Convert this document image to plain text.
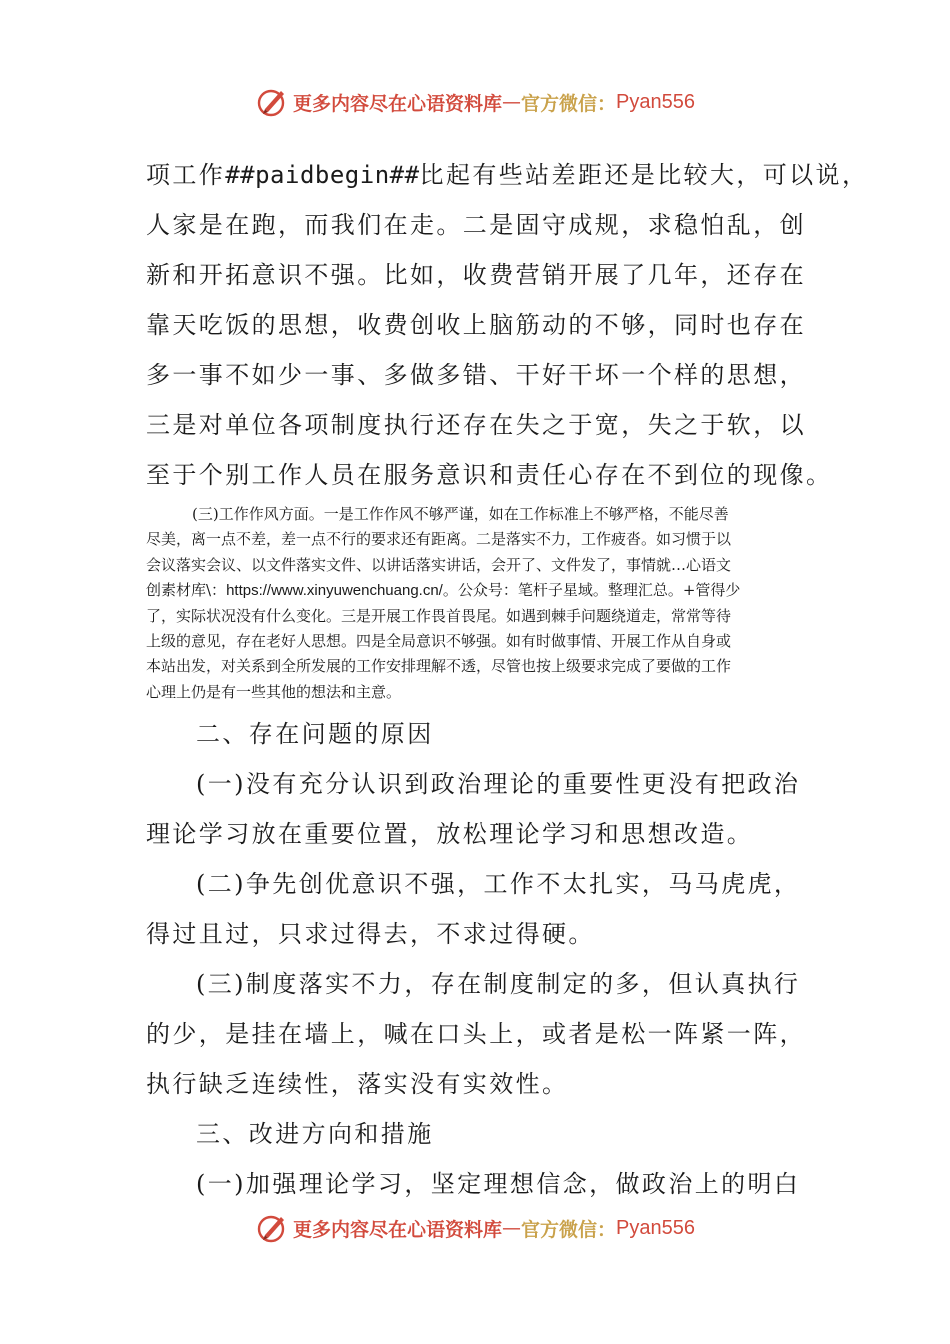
更多内容尽在心语资料库 — 官方微信： Pyan556

项工作##paidbegin##比起有些站差距还是比较大，可以说，

人家是在跑，而我们在走。二是固守成规，求稳怕乱，创

新和开拓意识不强。比如，收费营销开展了几年，还存在

靠天吃饭的思想，收费创收上脑筋动的不够，同时也存在

多一事不如少一事、多做多错、干好干坏一个样的思想，

三是对单位各项制度执行还存在失之于宽，失之于软，以

至于个别工作人员在服务意识和责任心存在不到位的现像。

(三)工作作风方面。一是工作作风不够严谨，如在工作标准上不够严格，不能尽善

尽美，离一点不差，差一点不行的要求还有距离。二是落实不力，工作疲沓。如习惯于以

会议落实会议、以文件落实文件、以讲话落实讲话，会开了、文件发了，事情就…心语文

创素材库\：https://www.xinyuwenchuang.cn/。公众号：笔杆子星域。整理汇总。+管得少

了，实际状况没有什么变化。三是开展工作畏首畏尾。如遇到棘手问题绕道走，常常等待

上级的意见，存在老好人思想。四是全局意识不够强。如有时做事情、开展工作从自身或

本站出发，对关系到全所发展的工作安排理解不透，尽管也按上级要求完成了要做的工作

心理上仍是有一些其他的想法和主意。

二、存在问题的原因

(一)没有充分认识到政治理论的重要性更没有把政治

理论学习放在重要位置，放松理论学习和思想改造。

(二)争先创优意识不强，工作不太扎实，马马虎虎，

得过且过，只求过得去，不求过得硬。

(三)制度落实不力，存在制度制定的多，但认真执行

的少，是挂在墙上，喊在口头上，或者是松一阵紧一阵，

执行缺乏连续性，落实没有实效性。

三、改进方向和措施

(一)加强理论学习，坚定理想信念，做政治上的明白

更多内容尽在心语资料库 — 官方微信： Pyan556
